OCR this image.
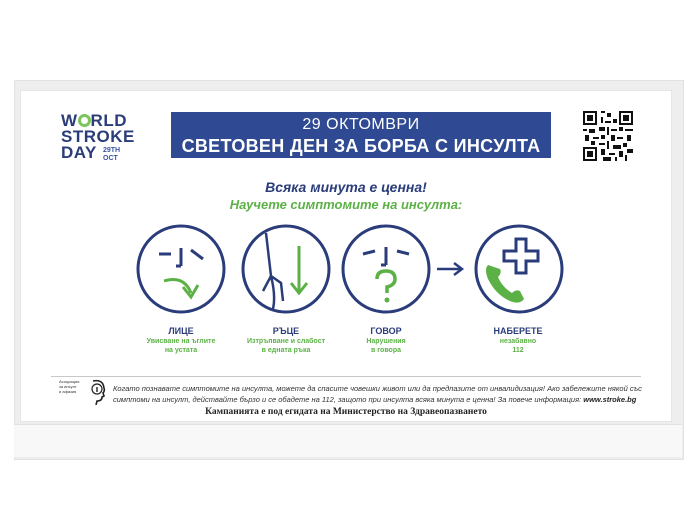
W RLD
STROKE
DAY 29TH
OCT
29 ОКТОМВРИ
СВЕТОВЕН ДЕН ЗА БОРБА С ИНСУЛТА
Всяка минута е ценна!
Научете симптомите на инсулта:
ЛИЦЕ
Увисване на ъглите
на устата
РЪЦЕ
Изтръпване и слабост
в едната ръка
ГОВОР
Нарушения
в говора
НАБЕРЕТЕ
незабавно
112
Асоциация
за инсулт
и афазия	Когато познавате симптомите на инсулта, можете да спасите човешки живот или да предпазите от инвалидизация! Ако забележите някой със симптоми на инсулт, действайте бързо и се обадете на 112, защото при инсулта всяка минута е ценна! За повече информация: www.stroke.bg
Кампанията е под егидата на Министерство на Здравеопазването
